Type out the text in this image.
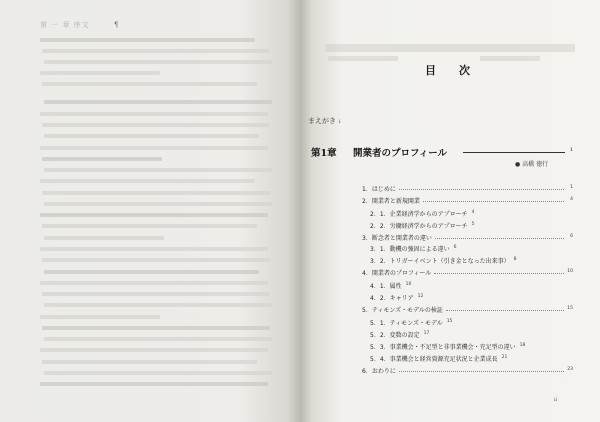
第 一 章 序文	¶
目　次
まえがき i
第1章 開業者のプロフィール	1
● 高橋 徳行
1．はじめに	1
2．開業者と新規開業	4
2．1．企業経済学からのアプローチ 4
2．2．労働経済学からのアプローチ 5
3．断念者と開業者の違い	6
3．1．動機の強固による違い 6
3．2．トリガーイベント（引き金となった出来事） 8
4．開業者のプロフィール	10
4．1．属性 10
4．2．キャリア 12
5．ティモンズ・モデルの検証	15
5．1．ティモンズ・モデル 15
5．2．変数の設定 17
5．3．事業機会・不足型と非事業機会・充足型の違い 18
5．4．事業機会と経営資源充足状況と企業成長 21
6．おわりに	23
ii
